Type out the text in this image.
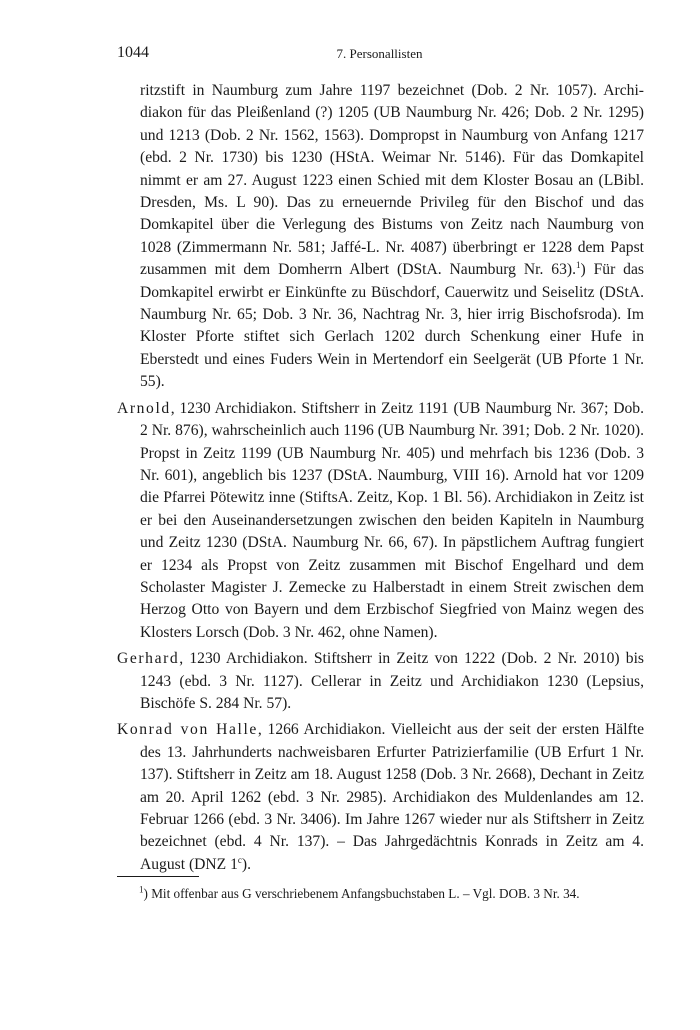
1044	7. Personallisten

ritzstift in Naumburg zum Jahre 1197 bezeichnet (Dob. 2 Nr. 1057). Archidiakon für das Pleißenland (?) 1205 (UB Naumburg Nr. 426; Dob. 2 Nr. 1295) und 1213 (Dob. 2 Nr. 1562, 1563). Dompropst in Naumburg von Anfang 1217 (ebd. 2 Nr. 1730) bis 1230 (HStA. Weimar Nr. 5146). Für das Domkapitel nimmt er am 27. August 1223 einen Schied mit dem Kloster Bosau an (LBibl. Dresden, Ms. L 90). Das zu erneuernde Privileg für den Bischof und das Domkapitel über die Verlegung des Bistums von Zeitz nach Naumburg von 1028 (Zimmermann Nr. 581; Jaffé-L. Nr. 4087) überbringt er 1228 dem Papst zusammen mit dem Domherrn Albert (DStA. Naumburg Nr. 63).$^1$) Für das Domkapitel erwirbt er Einkünfte zu Büschdorf, Cauerwitz und Seiselitz (DStA. Naumburg Nr. 65; Dob. 3 Nr. 36, Nachtrag Nr. 3, hier irrig Bischofsroda). Im Kloster Pforte stiftet sich Gerlach 1202 durch Schenkung einer Hufe in Eberstedt und eines Fuders Wein in Mertendorf ein Seelgerät (UB Pforte 1 Nr. 55).

Arnold, 1230 Archidiakon. Stiftsherr in Zeitz 1191 (UB Naumburg Nr. 367; Dob. 2 Nr. 876), wahrscheinlich auch 1196 (UB Naumburg Nr. 391; Dob. 2 Nr. 1020). Propst in Zeitz 1199 (UB Naumburg Nr. 405) und mehrfach bis 1236 (Dob. 3 Nr. 601), angeblich bis 1237 (DStA. Naumburg, VIII 16). Arnold hat vor 1209 die Pfarrei Pötewitz inne (StiftsA. Zeitz, Kop. 1 Bl. 56). Archidiakon in Zeitz ist er bei den Auseinandersetzungen zwischen den beiden Kapiteln in Naumburg und Zeitz 1230 (DStA. Naumburg Nr. 66, 67). In päpstlichem Auftrag fungiert er 1234 als Propst von Zeitz zusammen mit Bischof Engelhard und dem Scholaster Magister J. Zemecke zu Halberstadt in einem Streit zwischen dem Herzog Otto von Bayern und dem Erzbischof Siegfried von Mainz wegen des Klosters Lorsch (Dob. 3 Nr. 462, ohne Namen).

Gerhard, 1230 Archidiakon. Stiftsherr in Zeitz von 1222 (Dob. 2 Nr. 2010) bis 1243 (ebd. 3 Nr. 1127). Cellerar in Zeitz und Archidiakon 1230 (Lepsius, Bischöfe S. 284 Nr. 57).

Konrad von Halle, 1266 Archidiakon. Vielleicht aus der seit der ersten Hälfte des 13. Jahrhunderts nachweisbaren Erfurter Patrizierfamilie (UB Erfurt 1 Nr. 137). Stiftsherr in Zeitz am 18. August 1258 (Dob. 3 Nr. 2668), Dechant in Zeitz am 20. April 1262 (ebd. 3 Nr. 2985). Archidiakon des Muldenlandes am 12. Februar 1266 (ebd. 3 Nr. 3406). Im Jahre 1267 wieder nur als Stiftsherr in Zeitz bezeichnet (ebd. 4 Nr. 137). – Das Jahrgedächtnis Konrads in Zeitz am 4. August (DNZ 1$^c$).

$^1$) Mit offenbar aus G verschriebenem Anfangsbuchstaben L. – Vgl. DOB. 3 Nr. 34.
